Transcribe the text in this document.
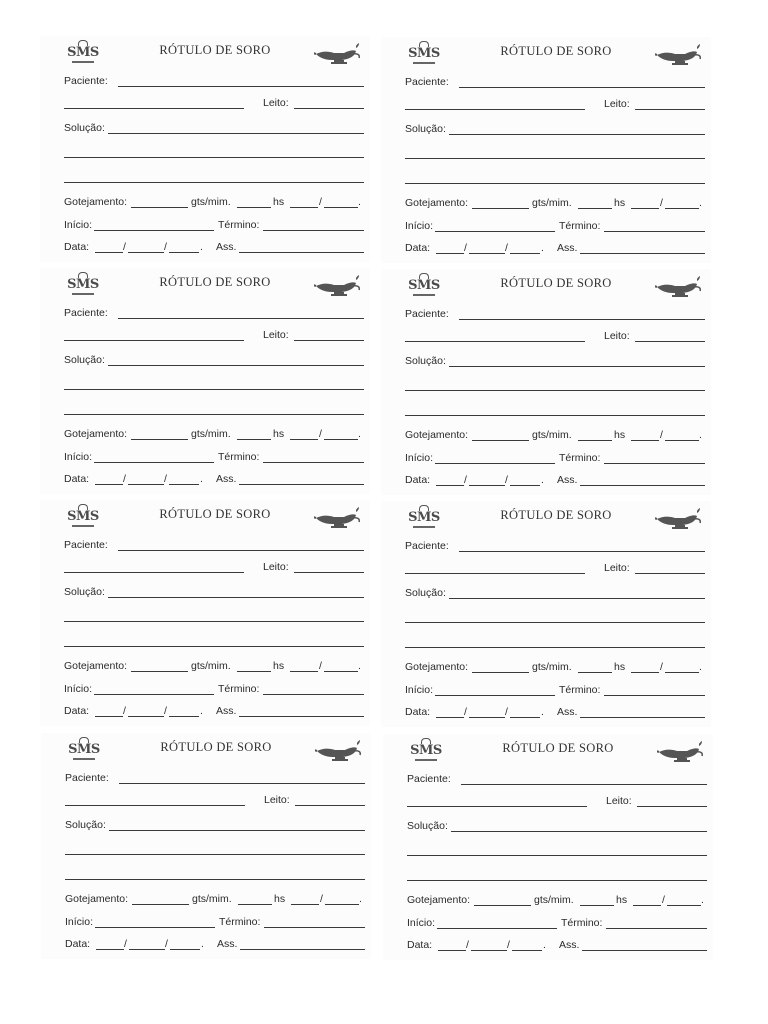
SMS	RÓTULO DE SORO
Paciente:
Leito:
Solução:
Gotejamento:	gts/mim.	hs	/	.
Início:	Término:
Data:	/	/	. Ass.
SMS	RÓTULO DE SORO
Paciente:
Leito:
Solução:
Gotejamento:	gts/mim.	hs	/	.
Início:	Término:
Data:	/	/	. Ass.
SMS	RÓTULO DE SORO
Paciente:
Leito:
Solução:
Gotejamento:	gts/mim.	hs	/	.
Início:	Término:
Data:	/	/	. Ass.
SMS	RÓTULO DE SORO
Paciente:
Leito:
Solução:
Gotejamento:	gts/mim.	hs	/	.
Início:	Término:
Data:	/	/	. Ass.
SMS	RÓTULO DE SORO
Paciente:
Leito:
Solução:
Gotejamento:	gts/mim.	hs	/	.
Início:	Término:
Data:	/	/	. Ass.
SMS	RÓTULO DE SORO
Paciente:
Leito:
Solução:
Gotejamento:	gts/mim.	hs	/	.
Início:	Término:
Data:	/	/	. Ass.
SMS	RÓTULO DE SORO
Paciente:
Leito:
Solução:
Gotejamento:	gts/mim.	hs	/	.
Início:	Término:
Data:	/	/	. Ass.
SMS	RÓTULO DE SORO
Paciente:
Leito:
Solução:
Gotejamento:	gts/mim.	hs	/	.
Início:	Término:
Data:	/	/	. Ass.
